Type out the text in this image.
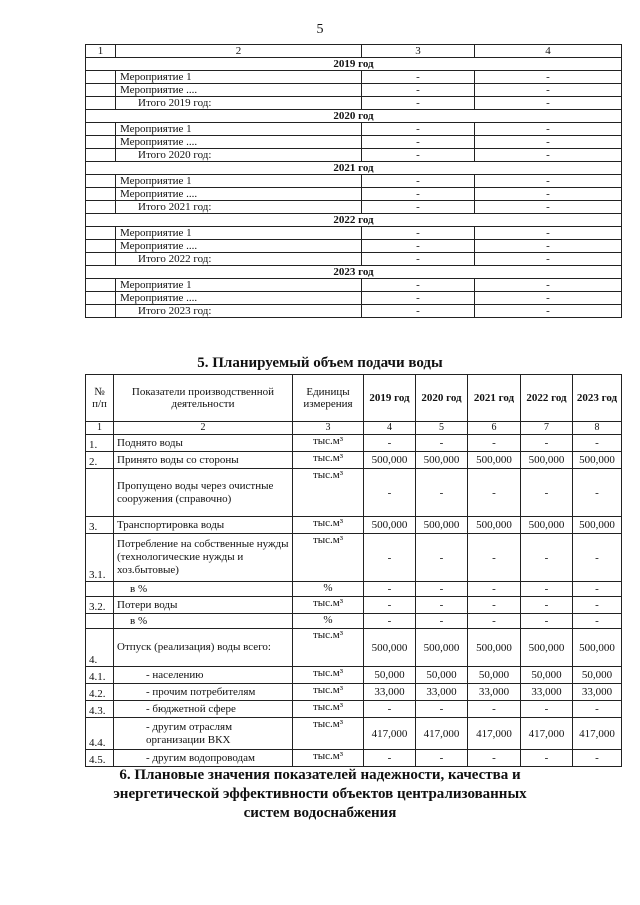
5
1	2	3	4
2019 год			
	Мероприятие 1	-	-
	Мероприятие ....	-	-
	Итого 2019 год:	-	-
2020 год			
	Мероприятие 1	-	-
	Мероприятие ....	-	-
	Итого 2020 год:	-	-
2021 год			
	Мероприятие 1	-	-
	Мероприятие ....	-	-
	Итого 2021 год:	-	-
2022 год			
	Мероприятие 1	-	-
	Мероприятие ....	-	-
	Итого 2022 год:	-	-
2023 год			
	Мероприятие 1	-	-
	Мероприятие ....	-	-
	Итого 2023 год:	-	-
5. Планируемый объем подачи воды
№ п/п	Показатели производственной деятельности	Единицы измерения	2019 год	2020 год	2021 год	2022 год	2023 год
1	2	3	4	5	6	7	8
1.	Поднято воды	тыс.м³	-	-	-	-	-
2.	Принято воды со стороны	тыс.м³	500,000	500,000	500,000	500,000	500,000
	Пропущено воды через очистные сооружения (справочно)	тыс.м³	-	-	-	-	-
3.	Транспортировка воды	тыс.м³	500,000	500,000	500,000	500,000	500,000
3.1.	Потребление на собственные нужды (технологические нужды и хоз.бытовые)	тыс.м³	-	-	-	-	-
	в %	%	-	-	-	-	-
3.2.	Потери воды	тыс.м³	-	-	-	-	-
	в %	%	-	-	-	-	-
4.	Отпуск (реализация) воды всего:	тыс.м³	500,000	500,000	500,000	500,000	500,000
4.1.	- населению	тыс.м³	50,000	50,000	50,000	50,000	50,000
4.2.	- прочим потребителям	тыс.м³	33,000	33,000	33,000	33,000	33,000
4.3.	- бюджетной сфере	тыс.м³	-	-	-	-	-
4.4.	- другим отраслям организации ВКХ	тыс.м³	417,000	417,000	417,000	417,000	417,000
4.5.	- другим водопроводам	тыс.м³	-	-	-	-	-
6. Плановые значения показателей надежности, качества и энергетической эффективности объектов централизованных систем водоснабжения
